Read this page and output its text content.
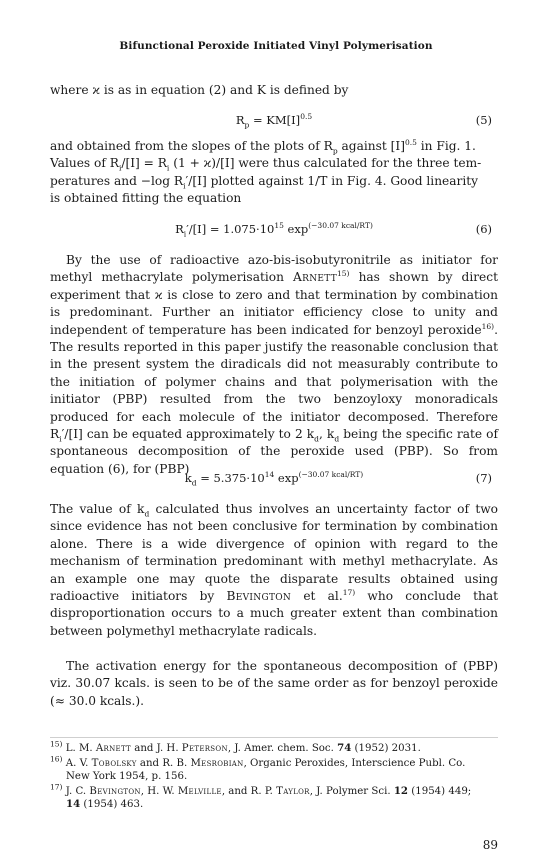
Bifunctional Peroxide Initiated Vinyl Polymerisation
where ϰ is as in equation (2) and K is defined by
$R_p = KM[I]^{0.5}$	(5)
and obtained from the slopes of the plots of $R_p$ against $[I]^{0.5}$ in Fig. 1.
Values of $R_i/[I] = R_i$ (1 + ϰ)/[I] were thus calculated for the three tem-
peratures and −log $R_i'/[I]$ plotted against 1/T in Fig. 4. Good linearity
is obtained fitting the equation
$R_i'/[I] = 1.075\cdot 10^{15}$ $\exp^{(-30.07 kcal/RT)}$	(6)
By the use of radioactive azo-bis-isobutyronitrile as initiator for methyl methacrylate polymerisation Arnett$^{15)}$ has shown by direct experiment that ϰ is close to zero and that termination by combination is predominant. Further an initiator efficiency close to unity and independent of temperature has been indicated for benzoyl peroxide$^{16)}$. The results reported in this paper justify the reasonable conclusion that in the present system the diradicals did not measurably contribute to the initiation of polymer chains and that polymerisation with the initiator (PBP) resulted from the two benzoyloxy monoradicals produced for each molecule of the initiator decomposed. Therefore $R_i'/[I]$ can be equated approximately to 2 $k_d$, $k_d$ being the specific rate of spontaneous decomposition of the peroxide used (PBP). So from equation (6), for (PBP)
$k_d = 5.375\cdot 10^{14}$ $\exp^{(-30.07 kcal/RT)}$	(7)
The value of $k_d$ calculated thus involves an uncertainty factor of two since evidence has not been conclusive for termination by combination alone. There is a wide divergence of opinion with regard to the mechanism of termination predominant with methyl methacrylate. As an example one may quote the disparate results obtained using radioactive initiators by Bevington et al.$^{17)}$ who conclude that disproportionation occurs to a much greater extent than combination between polymethyl methacrylate radicals.
The activation energy for the spontaneous decomposition of (PBP) viz. 30.07 kcals. is seen to be of the same order as for benzoyl peroxide (≈ 30.0 kcals.).
$^{15)}$ L. M. Arnett and J. H. Peterson, J. Amer. chem. Soc. 74 (1952) 2031.
$^{16)}$ A. V. Tobolsky and R. B. Mesrobian, Organic Peroxides, Interscience Publ. Co.
New York 1954, p. 156.
$^{17)}$ J. C. Bevington, H. W. Melville, and R. P. Taylor, J. Polymer Sci. 12 (1954) 449;
14 (1954) 463.
89
